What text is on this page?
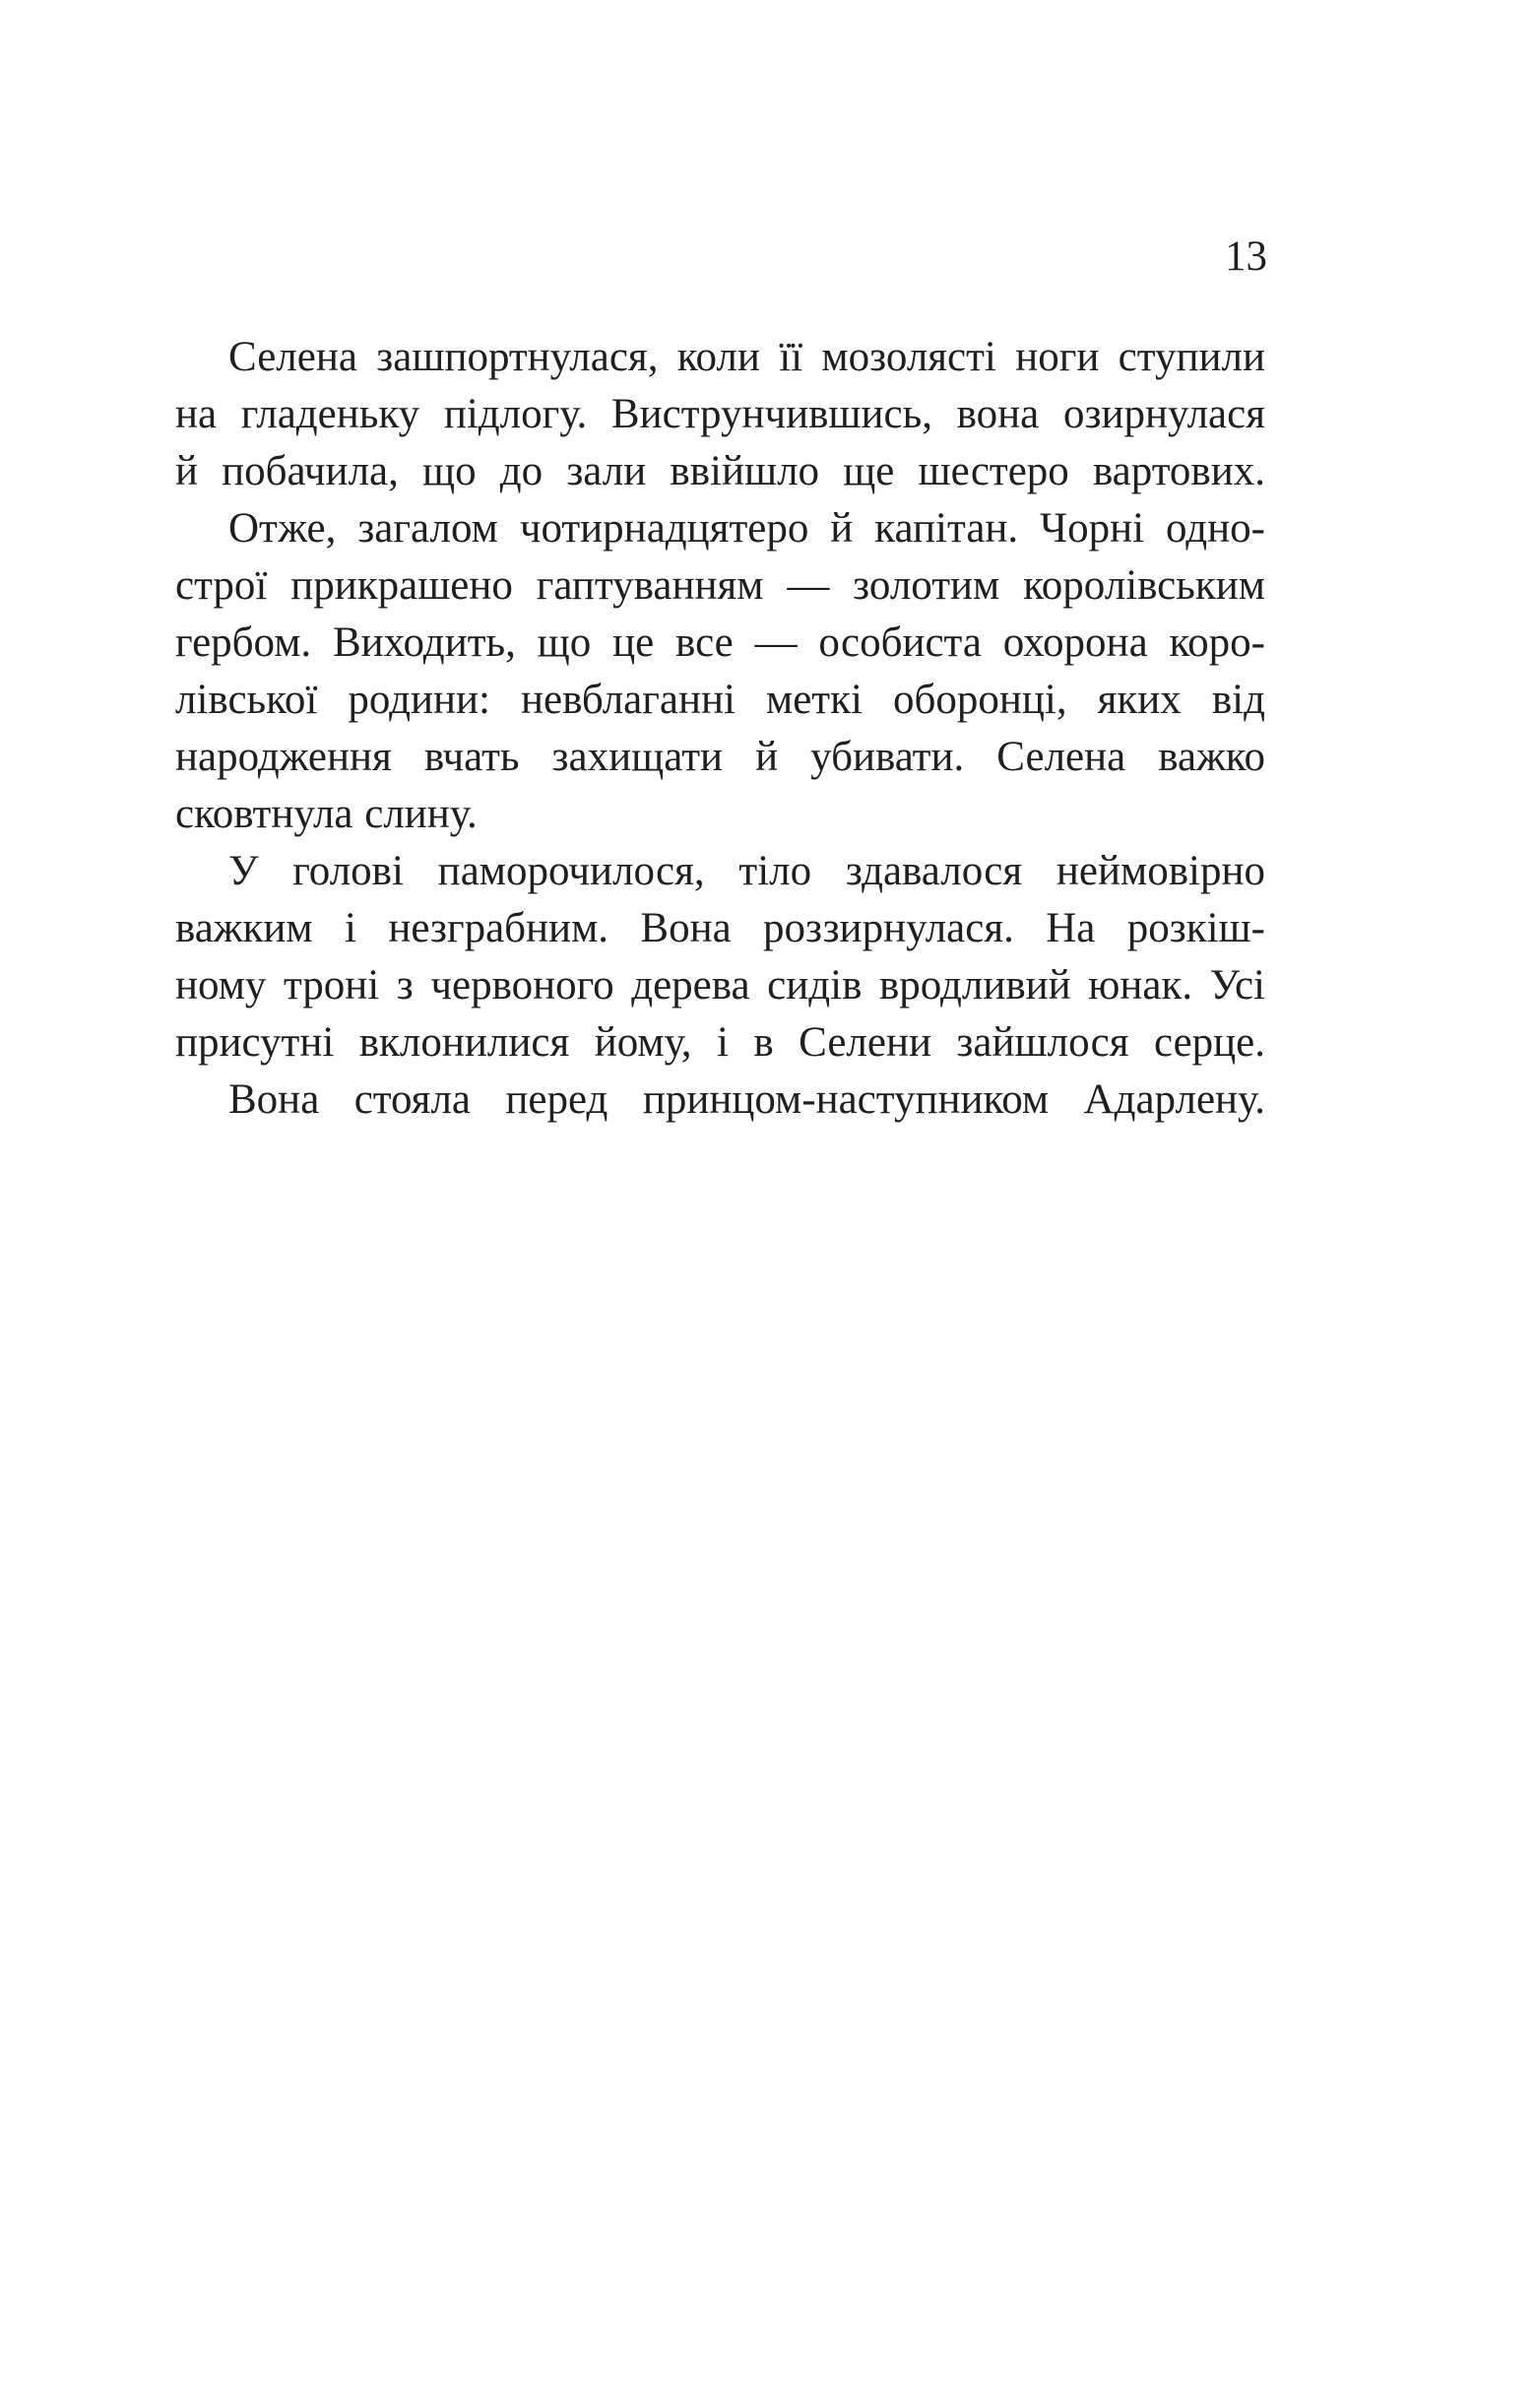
13
Селена зашпортнулася, коли її мозолясті ноги ступили
на гладеньку підлогу. Виструнчившись, вона озирнулася
й побачила, що до зали ввійшло ще шестеро вартових.
Отже, загалом чотирнадцятеро й капітан. Чорні одно-
строї прикрашено гаптуванням — золотим королівським
гербом. Виходить, що це все — особиста охорона коро-
лівської родини: невблаганні меткі оборонці, яких від
народження вчать захищати й убивати. Селена важко
сковтнула слину.
У голові паморочилося, тіло здавалося неймовірно
важким і незграбним. Вона роззирнулася. На розкіш-
ному троні з червоного дерева сидів вродливий юнак. Усі
присутні вклонилися йому, і в Селени зайшлося серце.
Вона стояла перед принцом-наступником Адарлену.
